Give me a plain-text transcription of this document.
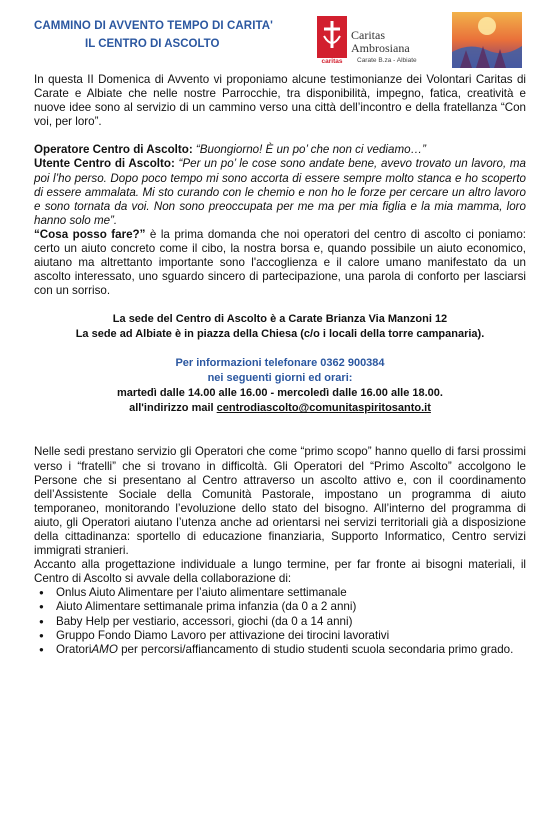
CAMMINO DI AVVENTO TEMPO DI CARITA'
IL CENTRO DI ASCOLTO
caritas
Caritas
Ambrosiana
Carate B.za - Albiate

In questa II Domenica di Avvento vi proponiamo alcune testimonianze dei Volontari Caritas di Carate e Albiate che nelle nostre Parrocchie, tra disponibilità, impegno, fatica, creatività e nuove idee sono al servizio di un cammino verso una città dell’incontro e della fratellanza “Con voi, per loro”.

Operatore Centro di Ascolto: “Buongiorno! È un po’ che non ci vediamo…”

Utente Centro di Ascolto: “Per un po’ le cose sono andate bene, avevo trovato un lavoro, ma poi l’ho perso. Dopo poco tempo mi sono accorta di essere sempre molto stanca e ho scoperto di essere ammalata. Mi sto curando con le chemio e non ho le forze per cercare un altro lavoro e sono tornata da voi. Non sono preoccupata per me ma per mia figlia e la mia mamma, loro hanno solo me”.

“Cosa posso fare?” è la prima domanda che noi operatori del centro di ascolto ci poniamo: certo un aiuto concreto come il cibo, la nostra borsa e, quando possibile un aiuto economico, aiutano ma altrettanto importante sono l'accoglienza e il calore umano manifestato da un ascolto interessato, uno sguardo sincero di partecipazione, una parola di conforto per lasciarsi con un sorriso.

La sede del Centro di Ascolto è a Carate Brianza Via Manzoni 12

La sede ad Albiate è in piazza della Chiesa (c/o i locali della torre campanaria).

Per informazioni telefonare 0362 900384

nei seguenti giorni ed orari:

martedì dalle 14.00 alle 16.00 - mercoledì dalle 16.00 alle 18.00.

all'indirizzo mail centrodiascolto@comunitaspiritosanto.it

Nelle sedi prestano servizio gli Operatori che come “primo scopo” hanno quello di farsi prossimi verso i “fratelli” che si trovano in difficoltà. Gli Operatori del “Primo Ascolto” accolgono le Persone che si presentano al Centro attraverso un ascolto attivo e, con il coordinamento dell’Assistente Sociale della Comunità Pastorale, impostano un programma di aiuto temporaneo, monitorando l’evoluzione dello stato del bisogno. All’interno del programma di aiuto, gli Operatori aiutano l’utenza anche ad orientarsi nei servizi territoriali già a disposizione della cittadinanza: sportello di educazione finanziaria, Supporto Informatico, Centro servizi immigrati stranieri.

Accanto alla progettazione individuale a lungo termine, per far fronte ai bisogni materiali, il Centro di Ascolto si avvale della collaborazione di:

● Onlus Aiuto Alimentare per l’aiuto alimentare settimanale
● Aiuto Alimentare settimanale prima infanzia (da 0 a 2 anni)
● Baby Help per vestiario, accessori, giochi (da 0 a 14 anni)
● Gruppo Fondo Diamo Lavoro per attivazione dei tirocini lavorativi
● OratoriAMO per percorsi/affiancamento di studio studenti scuola secondaria primo grado.
